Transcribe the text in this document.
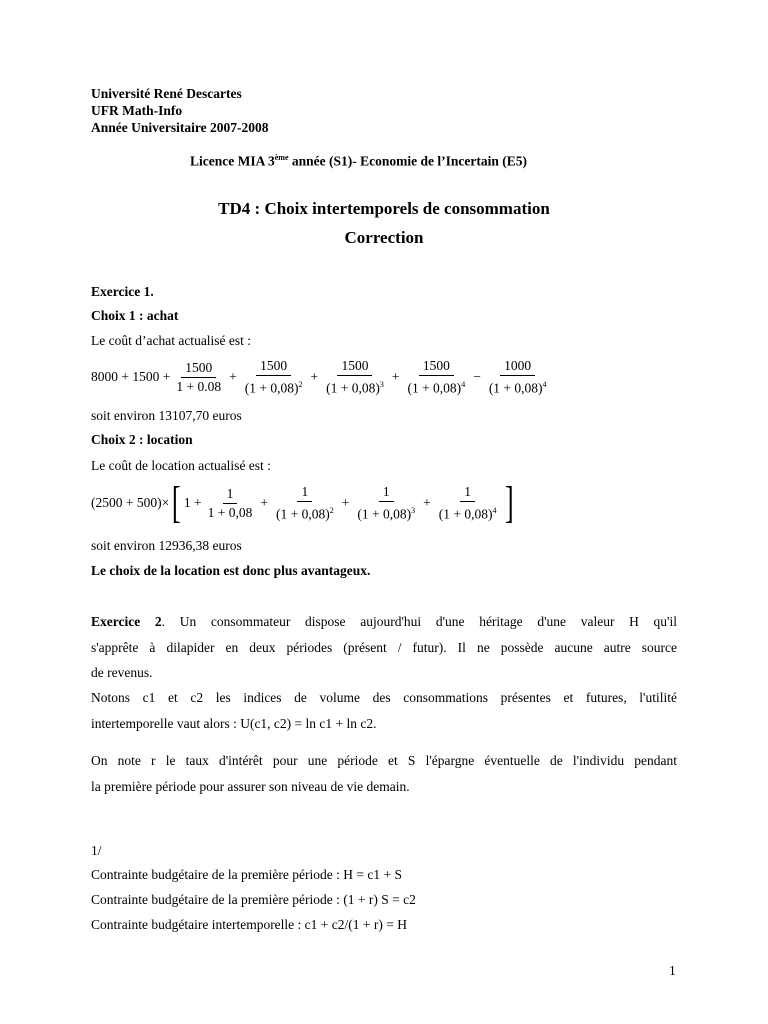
Université René Descartes
UFR Math-Info
Année Universitaire 2007-2008
Licence MIA 3ème année (S1)- Economie de l’Incertain (E5)
TD4 : Choix intertemporels de consommation
Correction
Exercice 1.
Choix 1 : achat
Le coût d’achat actualisé est :
$8000 + 1500 + \frac{1500}{1 + 0.08} + \frac{1500}{(1 + 0,08)^2} + \frac{1500}{(1 + 0,08)^3} + \frac{1500}{(1 + 0,08)^4} - \frac{1000}{(1 + 0,08)^4}$
soit environ 13107,70 euros
Choix 2 : location
Le coût de location actualisé est :
(2500 + 500)× [ $1 + \frac{1}{1 + 0,08} + \frac{1}{(1 + 0,08)^2} + \frac{1}{(1 + 0,08)^3} + \frac{1}{(1 + 0,08)^4}$ ]
soit environ 12936,38 euros
Le choix de la location est donc plus avantageux.
Exercice 2. Un consommateur dispose aujourd'hui d'une héritage d'une valeur H qu'il
s'apprête à dilapider en deux périodes (présent / futur). Il ne possède aucune autre source
de revenus.
Notons c1 et c2 les indices de volume des consommations présentes et futures, l'utilité
intertemporelle vaut alors : U(c1, c2) = ln c1 + ln c2.
On note r le taux d'intérêt pour une période et S l'épargne éventuelle de l'individu pendant
la première période pour assurer son niveau de vie demain.
1/
Contrainte budgétaire de la première période : H = c1 + S
Contrainte budgétaire de la première période : (1 + r) S = c2
Contrainte budgétaire intertemporelle : c1 + c2/(1 + r) = H
1
